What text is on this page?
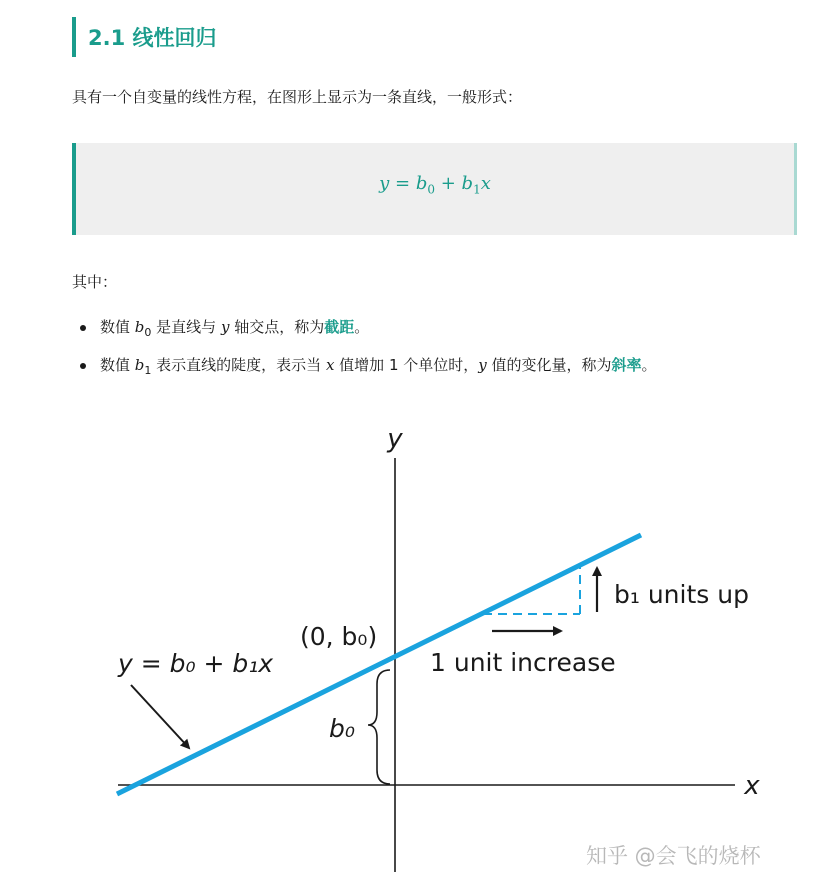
2.1 线性回归
具有一个自变量的线性方程，在图形上显示为一条直线，一般形式：
$y = b_0 + b_1x$
其中：
数值 $b_0$ 是直线与 y 轴交点，称为截距。
数值 $b_1$ 表示直线的陡度，表示当 x 值增加 1 个单位时，y 值的变化量，称为斜率。
y
x
y = b₀ + b₁x
(0, b₀)
b₀
b₁ units up
1 unit increase
知乎 @会飞的烧杯
